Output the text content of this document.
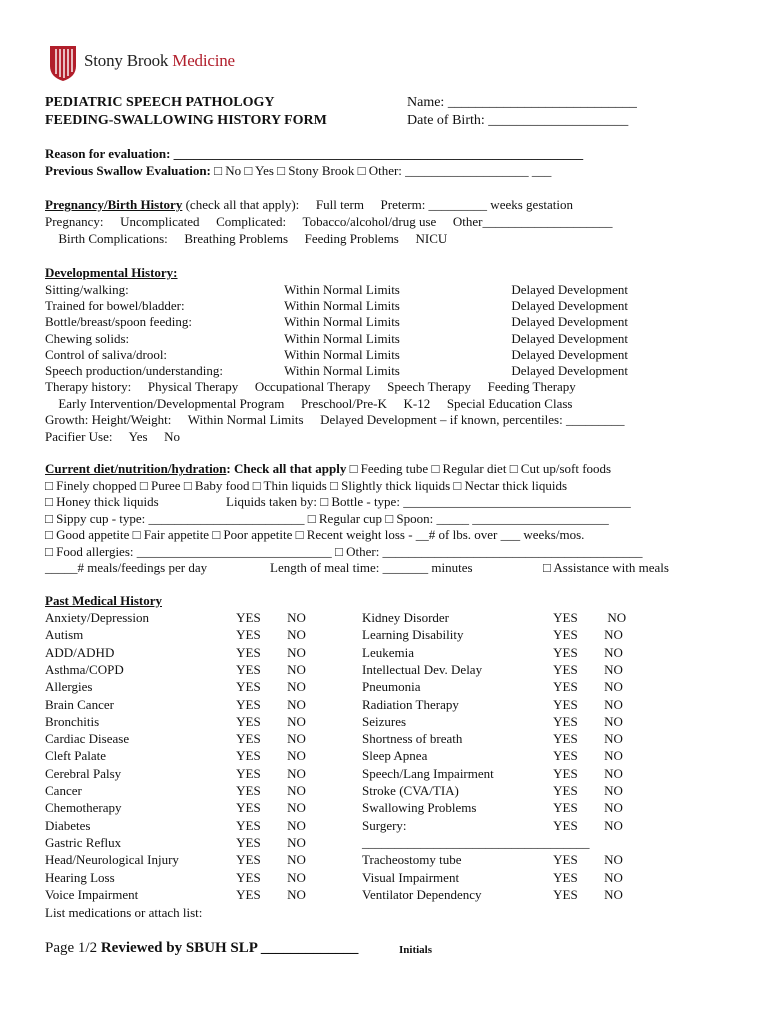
Stony Brook Medicine
PEDIATRIC SPEECH PATHOLOGY
FEEDING-SWALLOWING HISTORY FORM
Name: ___________________________
Date of Birth: ____________________
Reason for evaluation: _______________________________________________________________
Previous Swallow Evaluation: □ No □ Yes □ Stony Brook □ Other: ___________________ ___
Pregnancy/Birth History (check all that apply):   Full term   Preterm: _________ weeks gestation
Pregnancy:   Uncomplicated   Complicated:   Tobacco/alcohol/drug use   Other____________________
  Birth Complications:   Breathing Problems   Feeding Problems   NICU
Developmental History:
Sitting/walking:	  Within Normal Limits	  Delayed Development
Trained for bowel/bladder:	  Within Normal Limits	  Delayed Development
Bottle/breast/spoon feeding:	  Within Normal Limits	  Delayed Development
Chewing solids:	  Within Normal Limits	  Delayed Development
Control of saliva/drool:	  Within Normal Limits	  Delayed Development
Speech production/understanding:	  Within Normal Limits	  Delayed Development
Therapy history:   Physical Therapy   Occupational Therapy   Speech Therapy   Feeding Therapy
  Early Intervention/Developmental Program   Preschool/Pre-K   K-12   Special Education Class
Growth: Height/Weight:   Within Normal Limits   Delayed Development – if known, percentiles: _________
Pacifier Use:   Yes   No
Current diet/nutrition/hydration: Check all that apply □ Feeding tube □ Regular diet □ Cut up/soft foods
□ Finely chopped □ Puree □ Baby food □ Thin liquids □ Slightly thick liquids □ Nectar thick liquids
□ Honey thick liquids	Liquids taken by: □ Bottle - type: ___________________________________
□ Sippy cup - type: ________________________ □ Regular cup □ Spoon: _____ _____________________
□ Good appetite □ Fair appetite □ Poor appetite □ Recent weight loss - __# of lbs. over ___ weeks/mos.
□ Food allergies: ______________________________ □ Other: ________________________________________
_____# meals/feedings per day	Length of meal time: _______ minutes	□ Assistance with meals
Past Medical History
Anxiety/Depression	 YES  NO
Autism	 YES  NO
ADD/ADHD	 YES  NO
Asthma/COPD	 YES  NO
Allergies	 YES  NO
Brain Cancer	 YES  NO
Bronchitis	 YES  NO
Cardiac Disease	 YES  NO
Cleft Palate	 YES  NO
Cerebral Palsy	 YES  NO
Cancer	 YES  NO
Chemotherapy	 YES  NO
Diabetes	 YES  NO
Gastric Reflux	 YES  NO
Head/Neurological Injury	 YES  NO
Hearing Loss	 YES  NO
Voice Impairment	 YES  NO
Kidney Disorder	 YES   NO
Learning Disability	 YES  NO
Leukemia	 YES  NO
Intellectual Dev. Delay	 YES  NO
Pneumonia	 YES  NO
Radiation Therapy	 YES  NO
Seizures	 YES  NO
Shortness of breath	 YES  NO
Sleep Apnea	 YES  NO
Speech/Lang Impairment	 YES  NO
Stroke (CVA/TIA)	 YES  NO
Swallowing Problems	 YES  NO
Surgery:	 YES  NO
___________________________________
Tracheostomy tube	 YES  NO
Visual Impairment	 YES  NO
Ventilator Dependency	 YES  NO
List medications or attach list:
Page 1/2 Reviewed by SBUH SLP _____________	Initials
